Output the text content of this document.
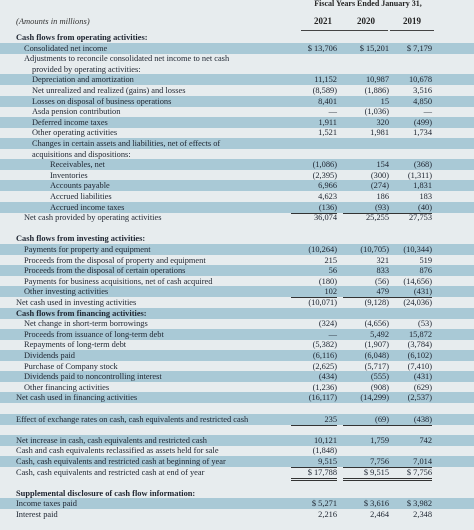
Fiscal Years Ended January 31,
(Amounts in millions)	2021	2020	2019
Cash flows from operating activities:
Consolidated net income	$ 13,706	$ 15,201	$ 7,179
Adjustments to reconcile consolidated net income to net cash
provided by operating activities:
Depreciation and amortization	11,152	10,987	10,678
Net unrealized and realized (gains) and losses	(8,589)	(1,886)	3,516
Losses on disposal of business operations	8,401	15	4,850
Asda pension contribution	—	(1,036)	—
Deferred income taxes	1,911	320	(499)
Other operating activities	1,521	1,981	1,734
Changes in certain assets and liabilities, net of effects of
acquisitions and dispositions:
Receivables, net	(1,086)	154	(368)
Inventories	(2,395)	(300)	(1,311)
Accounts payable	6,966	(274)	1,831
Accrued liabilities	4,623	186	183
Accrued income taxes	(136)	(93)	(40)
Net cash provided by operating activities	36,074	25,255	27,753
Cash flows from investing activities:
Payments for property and equipment	(10,264)	(10,705)	(10,344)
Proceeds from the disposal of property and equipment	215	321	519
Proceeds from the disposal of certain operations	56	833	876
Payments for business acquisitions, net of cash acquired	(180)	(56)	(14,656)
Other investing activities	102	479	(431)
Net cash used in investing activities	(10,071)	(9,128)	(24,036)
Cash flows from financing activities:
Net change in short-term borrowings	(324)	(4,656)	(53)
Proceeds from issuance of long-term debt	—	5,492	15,872
Repayments of long-term debt	(5,382)	(1,907)	(3,784)
Dividends paid	(6,116)	(6,048)	(6,102)
Purchase of Company stock	(2,625)	(5,717)	(7,410)
Dividends paid to noncontrolling interest	(434)	(555)	(431)
Other financing activities	(1,236)	(908)	(629)
Net cash used in financing activities	(16,117)	(14,299)	(2,537)
Effect of exchange rates on cash, cash equivalents and restricted cash	235	(69)	(438)
Net increase in cash, cash equivalents and restricted cash	10,121	1,759	742
Cash and cash equivalents reclassified as assets held for sale	(1,848)
Cash, cash equivalents and restricted cash at beginning of year	9,515	7,756	7,014
Cash, cash equivalents and restricted cash at end of year	$ 17,788	$ 9,515	$ 7,756
Supplemental disclosure of cash flow information:
Income taxes paid	$ 5,271	$ 3,616	$ 3,982
Interest paid	2,216	2,464	2,348
